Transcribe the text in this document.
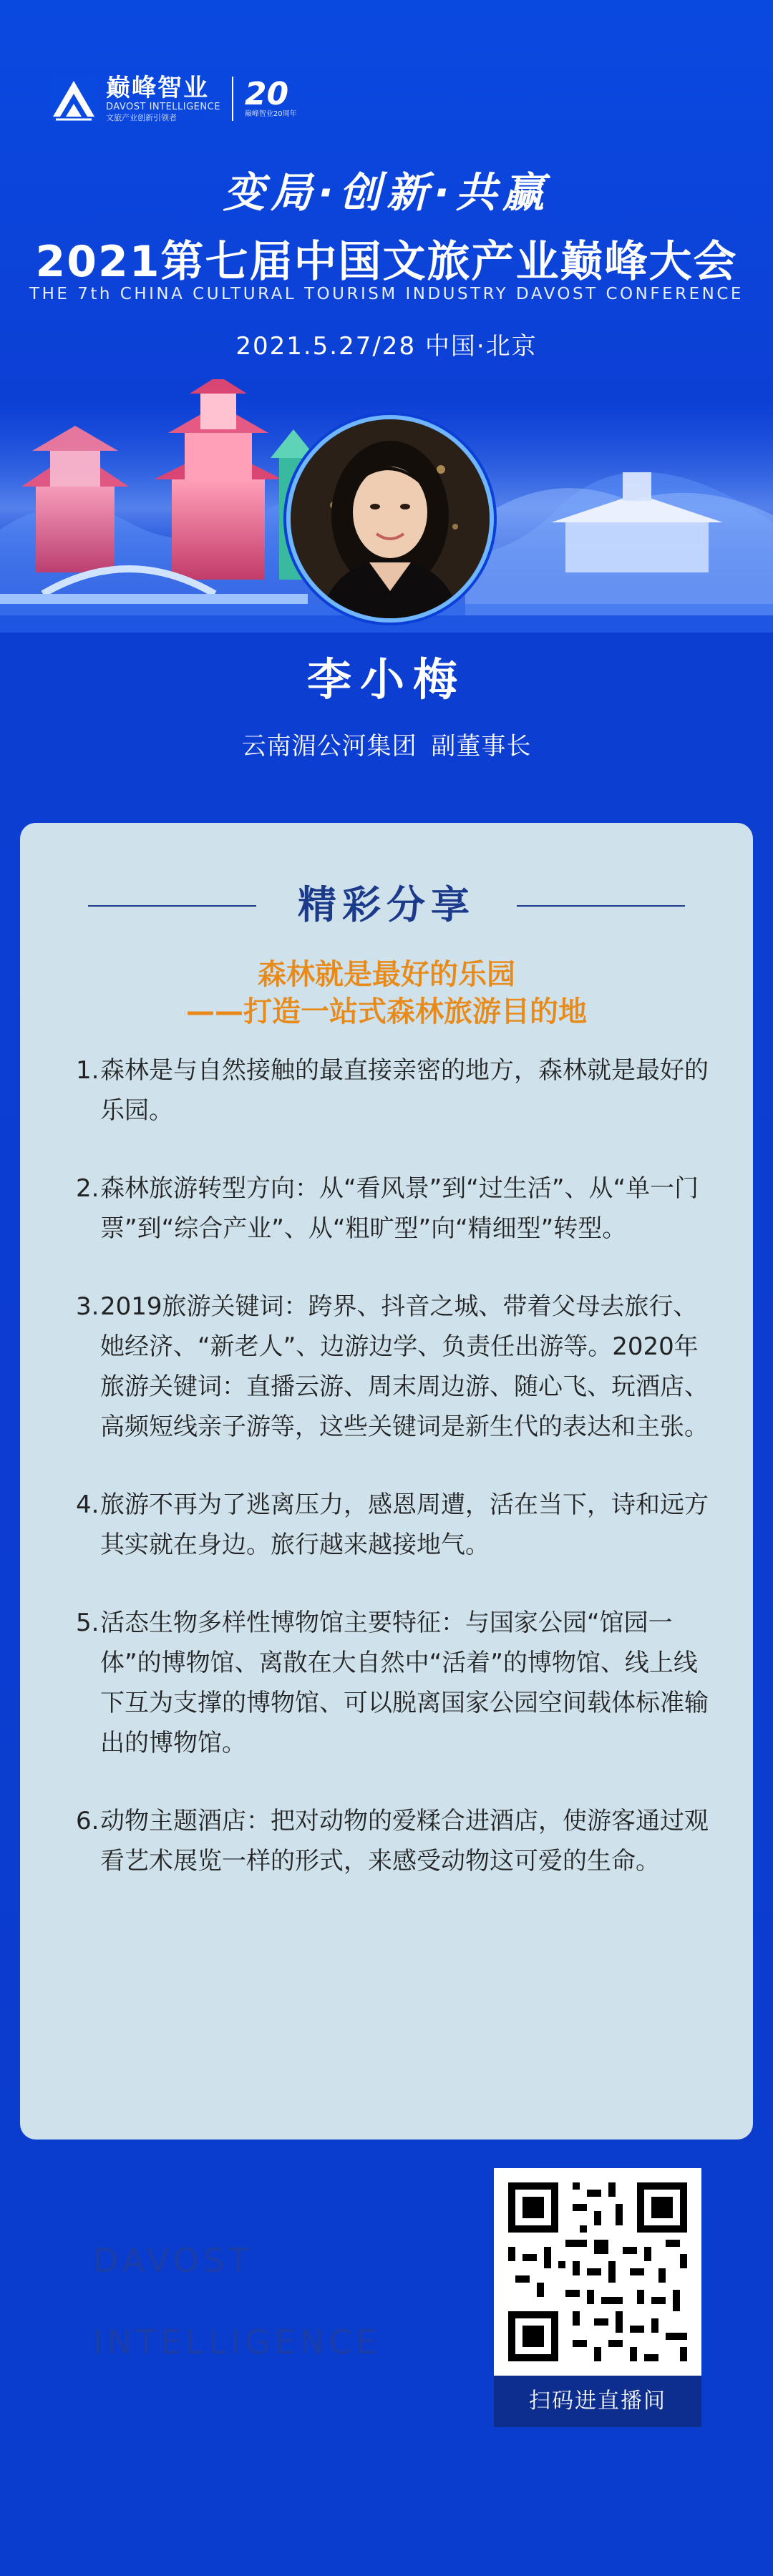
巅峰智业
DAVOST INTELLIGENCE
文旅产业创新引领者
20
巅峰智业20周年
变局·创新·共赢
2021第七届中国文旅产业巅峰大会
THE 7th CHINA CULTURAL TOURISM INDUSTRY DAVOST CONFERENCE
2021.5.27/28 中国·北京
李小梅
云南湄公河集团 副董事长
精彩分享
森林就是最好的乐园
——打造一站式森林旅游目的地
1. 森林是与自然接触的最直接亲密的地方，森林就是最好的乐园。
2. 森林旅游转型方向：从“看风景”到“过生活”、从“单一门票”到“综合产业”、从“粗旷型”向“精细型”转型。
3. 2019旅游关键词：跨界、抖音之城、带着父母去旅行、她经济、“新老人”、边游边学、负责任出游等。2020年旅游关键词：直播云游、周末周边游、随心飞、玩酒店、高频短线亲子游等，这些关键词是新生代的表达和主张。
4. 旅游不再为了逃离压力，感恩周遭，活在当下，诗和远方其实就在身边。旅行越来越接地气。
5. 活态生物多样性博物馆主要特征：与国家公园“馆园一体”的博物馆、离散在大自然中“活着”的博物馆、线上线下互为支撑的博物馆、可以脱离国家公园空间载体标准输出的博物馆。
6. 动物主题酒店：把对动物的爱糅合进酒店，使游客通过观看艺术展览一样的形式，来感受动物这可爱的生命。
DAVOST
INTELLIGENCE
扫码进直播间
